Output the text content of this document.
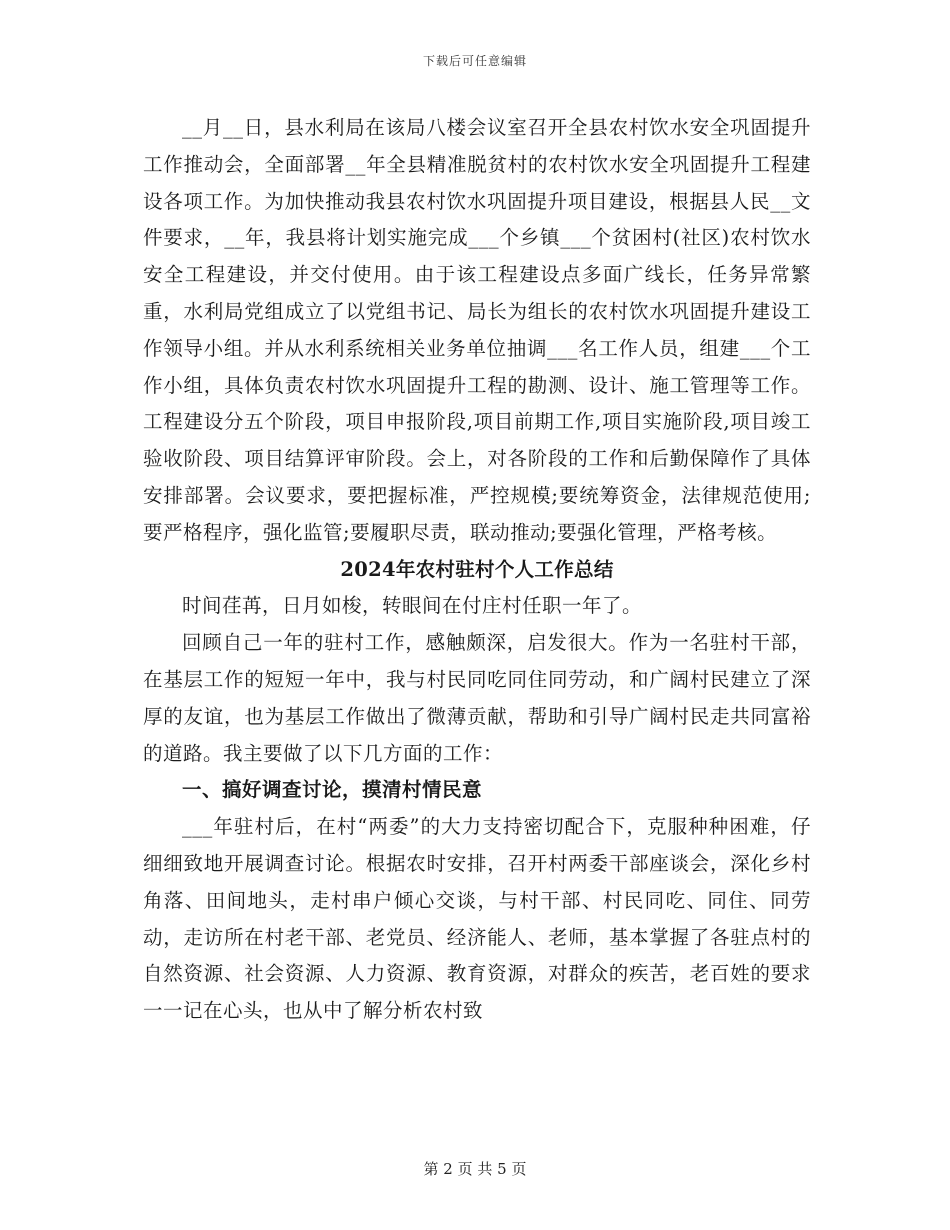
下载后可任意编辑

__月__日，县水利局在该局八楼会议室召开全县农村饮水安全巩固提升工作推动会，全面部署__年全县精准脱贫村的农村饮水安全巩固提升工程建设各项工作。为加快推动我县农村饮水巩固提升项目建设，根据县人民__文件要求，__年，我县将计划实施完成___个乡镇___个贫困村(社区)农村饮水安全工程建设，并交付使用。由于该工程建设点多面广线长，任务异常繁重，水利局党组成立了以党组书记、局长为组长的农村饮水巩固提升建设工作领导小组。并从水利系统相关业务单位抽调___名工作人员，组建___个工作小组，具体负责农村饮水巩固提升工程的勘测、设计、施工管理等工作。工程建设分五个阶段，项目申报阶段,项目前期工作,项目实施阶段,项目竣工验收阶段、项目结算评审阶段。会上，对各阶段的工作和后勤保障作了具体安排部署。会议要求，要把握标准，严控规模;要统筹资金，法律规范使用;要严格程序，强化监管;要履职尽责，联动推动;要强化管理，严格考核。

2024年农村驻村个人工作总结

时间荏苒，日月如梭，转眼间在付庄村任职一年了。

回顾自己一年的驻村工作，感触颇深，启发很大。作为一名驻村干部，在基层工作的短短一年中，我与村民同吃同住同劳动，和广阔村民建立了深厚的友谊，也为基层工作做出了微薄贡献，帮助和引导广阔村民走共同富裕的道路。我主要做了以下几方面的工作：

一、搞好调查讨论，摸清村情民意

___年驻村后，在村“两委”的大力支持密切配合下，克服种种困难，仔细细致地开展调查讨论。根据农时安排，召开村两委干部座谈会，深化乡村角落、田间地头，走村串户倾心交谈，与村干部、村民同吃、同住、同劳动，走访所在村老干部、老党员、经济能人、老师，基本掌握了各驻点村的自然资源、社会资源、人力资源、教育资源，对群众的疾苦，老百姓的要求一一记在心头，也从中了解分析农村致

第 2 页 共 5 页
